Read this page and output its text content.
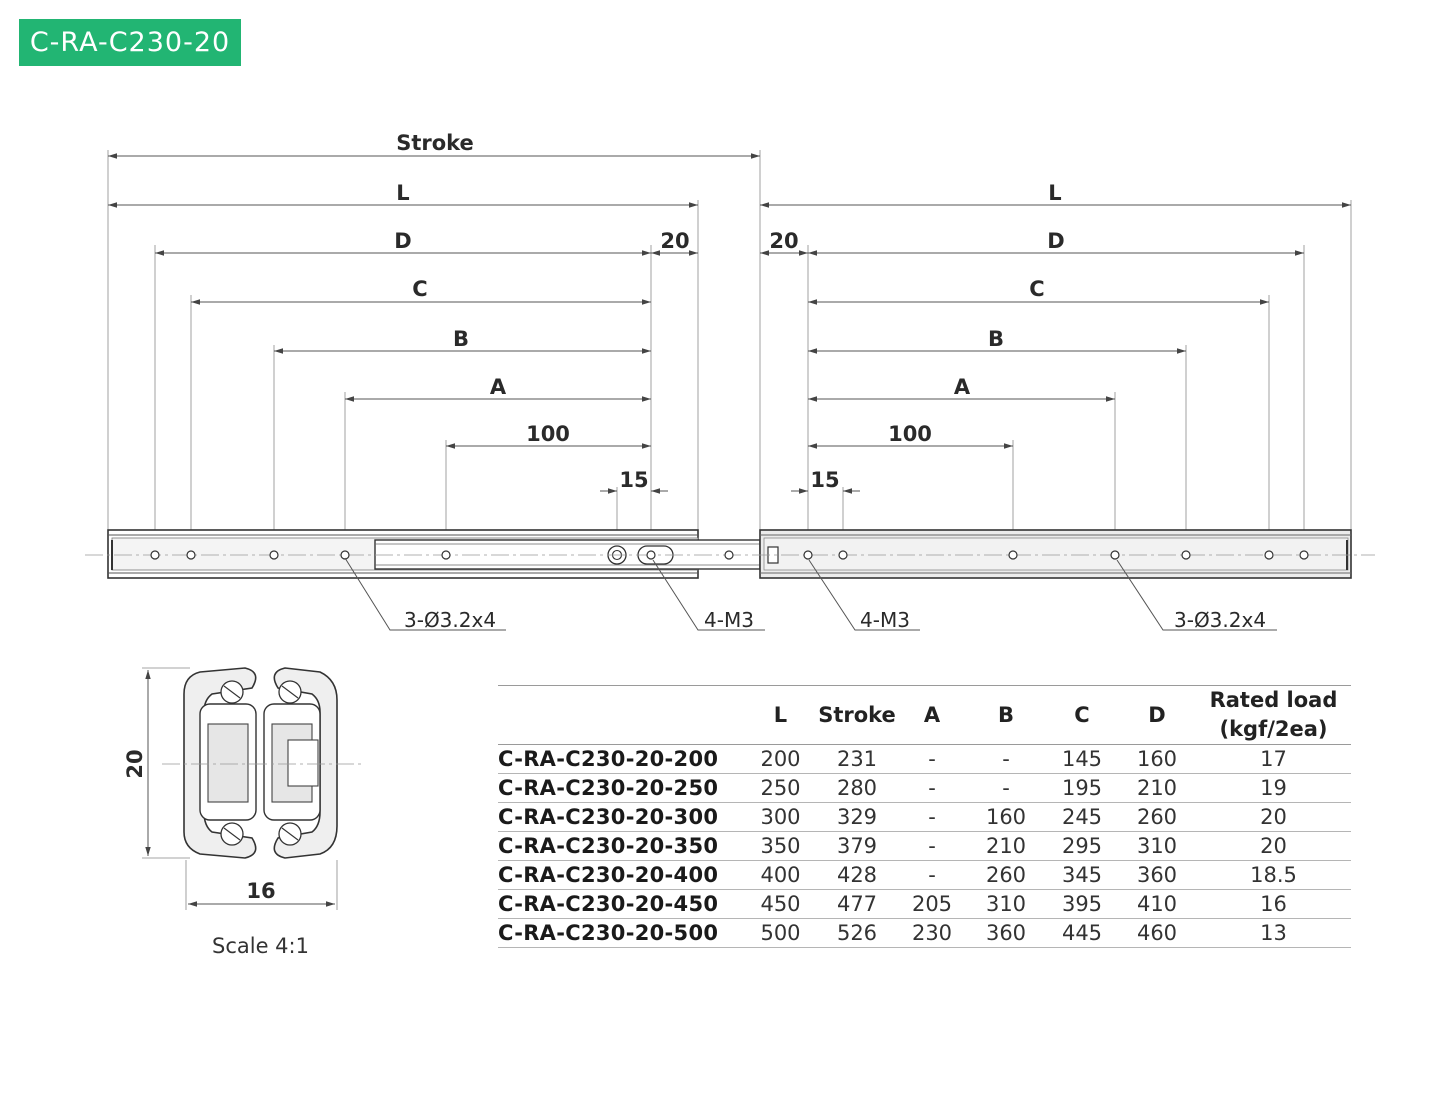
C-RA-C230-20
Stroke
L
D	20
C
B
A
100
15
L
20	D
C
B
A
100
15
3-Ø3.2x4	4-M3	4-M3	3-Ø3.2x4
20
16
Scale 4:1
	L	Stroke	A	B	C	D	Rated load
(kgf/2ea)
C-RA-C230-20-200	200	231	-	-	145	160	17
C-RA-C230-20-250	250	280	-	-	195	210	19
C-RA-C230-20-300	300	329	-	160	245	260	20
C-RA-C230-20-350	350	379	-	210	295	310	20
C-RA-C230-20-400	400	428	-	260	345	360	18.5
C-RA-C230-20-450	450	477	205	310	395	410	16
C-RA-C230-20-500	500	526	230	360	445	460	13
